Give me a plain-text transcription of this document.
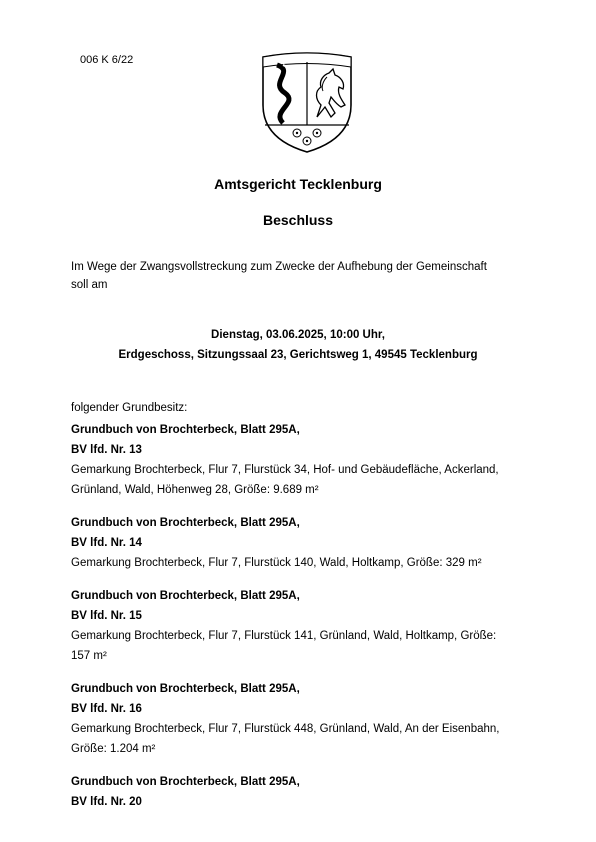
006 K 6/22
Amtsgericht Tecklenburg
Beschluss
Im Wege der Zwangsvollstreckung zum Zwecke der Aufhebung der Gemeinschaft
soll am
Dienstag, 03.06.2025, 10:00 Uhr,
Erdgeschoss, Sitzungssaal 23, Gerichtsweg 1, 49545 Tecklenburg
folgender Grundbesitz:
Grundbuch von Brochterbeck, Blatt 295A,
BV lfd. Nr. 13
Gemarkung Brochterbeck, Flur 7, Flurstück 34, Hof- und Gebäudefläche, Ackerland,
Grünland, Wald, Höhenweg 28, Größe: 9.689 m²
Grundbuch von Brochterbeck, Blatt 295A,
BV lfd. Nr. 14
Gemarkung Brochterbeck, Flur 7, Flurstück 140, Wald, Holtkamp, Größe: 329 m²
Grundbuch von Brochterbeck, Blatt 295A,
BV lfd. Nr. 15
Gemarkung Brochterbeck, Flur 7, Flurstück 141, Grünland, Wald, Holtkamp, Größe:
157 m²
Grundbuch von Brochterbeck, Blatt 295A,
BV lfd. Nr. 16
Gemarkung Brochterbeck, Flur 7, Flurstück 448, Grünland, Wald, An der Eisenbahn,
Größe: 1.204 m²
Grundbuch von Brochterbeck, Blatt 295A,
BV lfd. Nr. 20
